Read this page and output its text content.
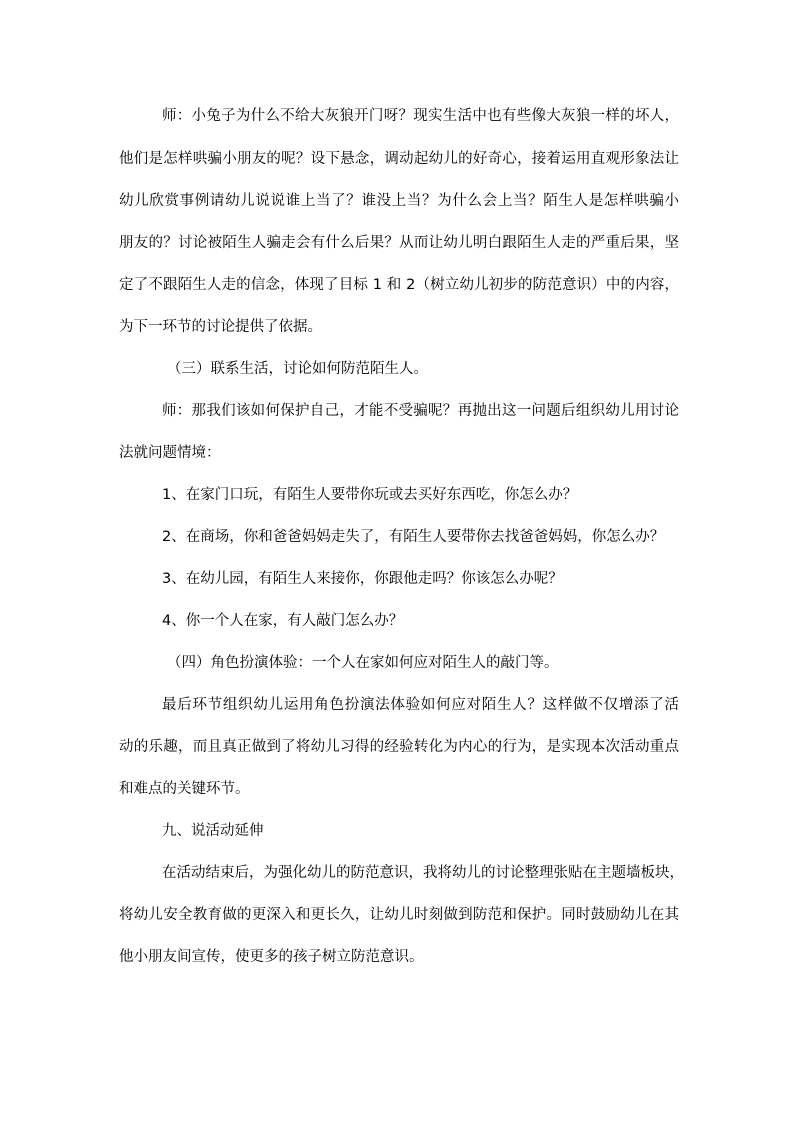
师：小兔子为什么不给大灰狼开门呀？现实生活中也有些像大灰狼一样的坏人，
他们是怎样哄骗小朋友的呢？设下悬念，调动起幼儿的好奇心，接着运用直观形象法让
幼儿欣赏事例请幼儿说说谁上当了？谁没上当？为什么会上当？陌生人是怎样哄骗小
朋友的？讨论被陌生人骗走会有什么后果？从而让幼儿明白跟陌生人走的严重后果，坚
定了不跟陌生人走的信念，体现了目标 1 和 2（树立幼儿初步的防范意识）中的内容，
为下一环节的讨论提供了依据。
（三）联系生活，讨论如何防范陌生人。
师：那我们该如何保护自己，才能不受骗呢？再抛出这一问题后组织幼儿用讨论
法就问题情境：
1、在家门口玩，有陌生人要带你玩或去买好东西吃，你怎么办？
2、在商场，你和爸爸妈妈走失了，有陌生人要带你去找爸爸妈妈，你怎么办？
3、在幼儿园，有陌生人来接你，你跟他走吗？你该怎么办呢？
4、你一个人在家，有人敲门怎么办？
（四）角色扮演体验：一个人在家如何应对陌生人的敲门等。
最后环节组织幼儿运用角色扮演法体验如何应对陌生人？这样做不仅增添了活
动的乐趣，而且真正做到了将幼儿习得的经验转化为内心的行为，是实现本次活动重点
和难点的关键环节。
九、说活动延伸
在活动结束后，为强化幼儿的防范意识，我将幼儿的讨论整理张贴在主题墙板块，
将幼儿安全教育做的更深入和更长久，让幼儿时刻做到防范和保护。同时鼓励幼儿在其
他小朋友间宣传，使更多的孩子树立防范意识。
